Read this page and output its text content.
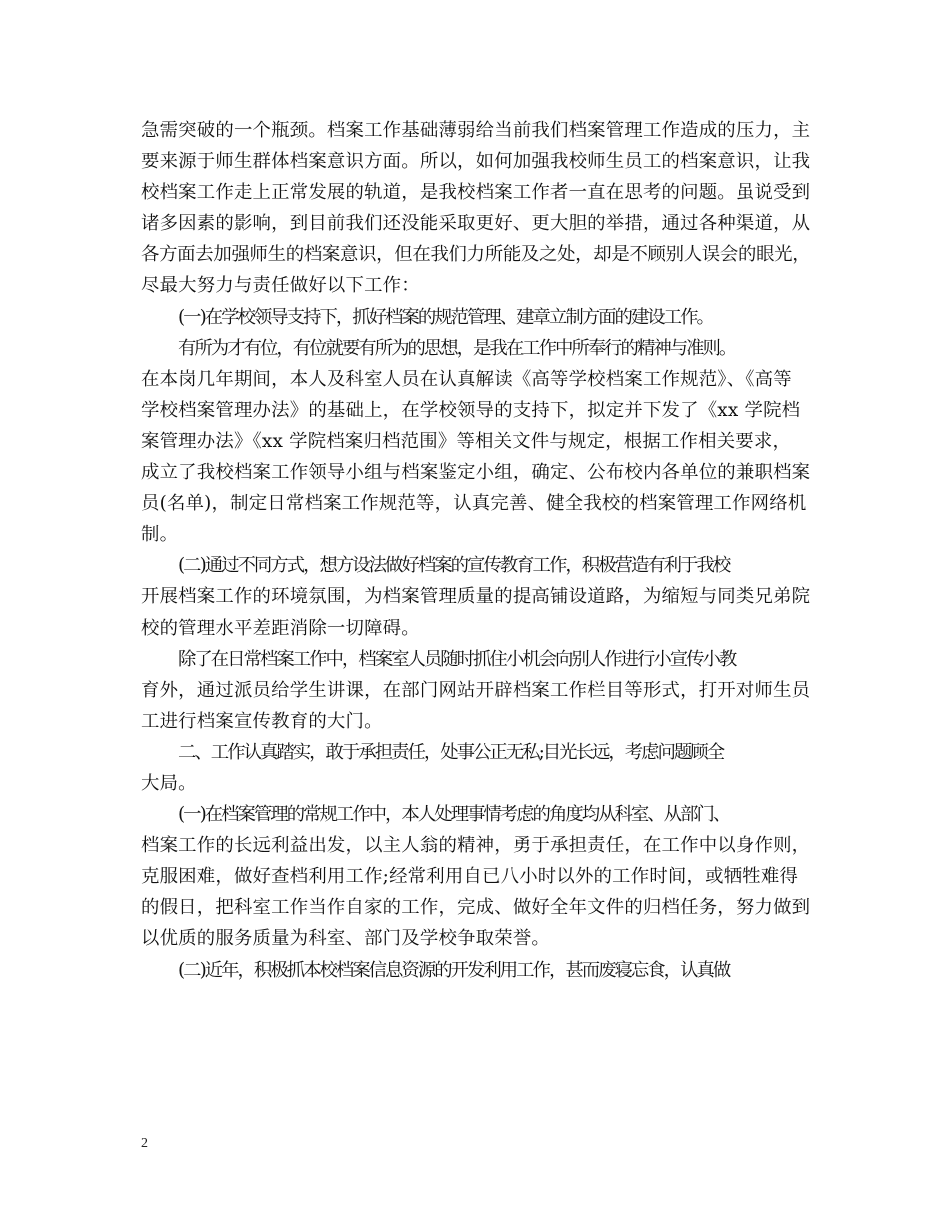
急需突破的一个瓶颈。档案工作基础薄弱给当前我们档案管理工作造成的压力，主
要来源于师生群体档案意识方面。所以，如何加强我校师生员工的档案意识，让我
校档案工作走上正常发展的轨道，是我校档案工作者一直在思考的问题。虽说受到
诸多因素的影响，到目前我们还没能采取更好、更大胆的举措，通过各种渠道，从
各方面去加强师生的档案意识，但在我们力所能及之处，却是不顾别人误会的眼光，
尽最大努力与责任做好以下工作：
(一)在学校领导支持下，抓好档案的规范管理、建章立制方面的建设工作。
有所为才有位，有位就要有所为的思想，是我在工作中所奉行的精神与准则。
在本岗几年期间，本人及科室人员在认真解读《高等学校档案工作规范》、《高等
学校档案管理办法》的基础上，在学校领导的支持下，拟定并下发了《xx 学院档
案管理办法》《xx 学院档案归档范围》等相关文件与规定，根据工作相关要求，
成立了我校档案工作领导小组与档案鉴定小组，确定、公布校内各单位的兼职档案
员(名单)，制定日常档案工作规范等，认真完善、健全我校的档案管理工作网络机
制。
(二)通过不同方式，想方设法做好档案的宣传教育工作，积极营造有利于我校
开展档案工作的环境氛围，为档案管理质量的提高铺设道路，为缩短与同类兄弟院
校的管理水平差距消除一切障碍。
除了在日常档案工作中，档案室人员随时抓住小机会向别人作进行小宣传小教
育外，通过派员给学生讲课，在部门网站开辟档案工作栏目等形式，打开对师生员
工进行档案宣传教育的大门。
二、工作认真踏实，敢于承担责任，处事公正无私;目光长远，考虑问题顾全
大局。
(一)在档案管理的常规工作中，本人处理事情考虑的角度均从科室、从部门、
档案工作的长远利益出发，以主人翁的精神，勇于承担责任，在工作中以身作则，
克服困难，做好查档利用工作;经常利用自已八小时以外的工作时间，或牺牲难得
的假日，把科室工作当作自家的工作，完成、做好全年文件的归档任务，努力做到
以优质的服务质量为科室、部门及学校争取荣誉。
(二)近年，积极抓本校档案信息资源的开发利用工作，甚而废寝忘食，认真做
2
